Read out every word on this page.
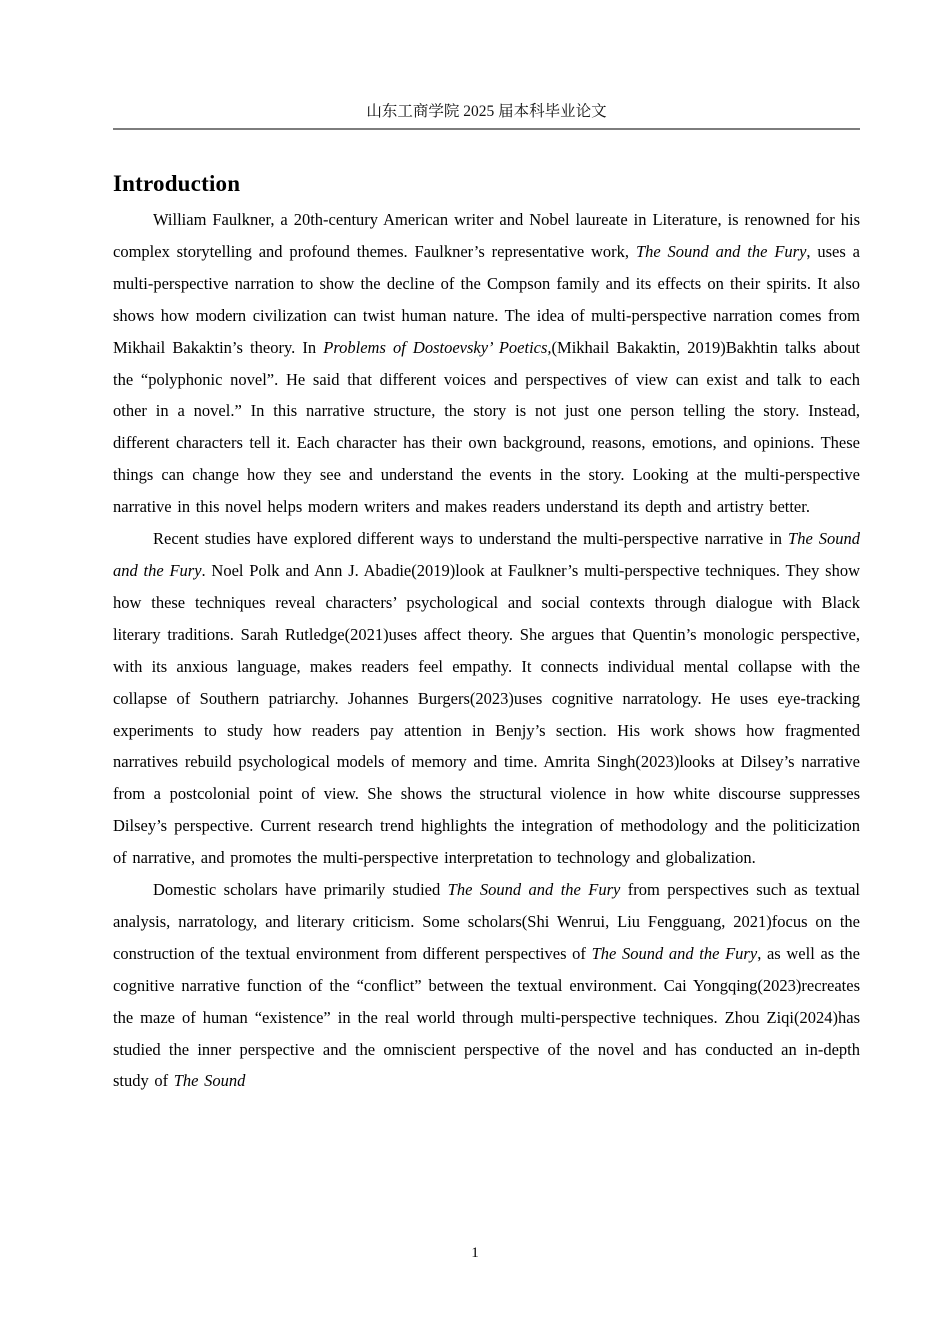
山东工商学院 2025 届本科毕业论文
Introduction

William Faulkner, a 20th-century American writer and Nobel laureate in Literature, is renowned for his complex storytelling and profound themes. Faulkner’s representative work, The Sound and the Fury, uses a multi-perspective narration to show the decline of the Compson family and its effects on their spirits. It also shows how modern civilization can twist human nature. The idea of multi-perspective narration comes from Mikhail Bakaktin’s theory. In Problems of Dostoevsky’ Poetics,(Mikhail Bakaktin, 2019)Bakhtin talks about the “polyphonic novel”. He said that different voices and perspectives of view can exist and talk to each other in a novel.” In this narrative structure, the story is not just one person telling the story. Instead, different characters tell it. Each character has their own background, reasons, emotions, and opinions. These things can change how they see and understand the events in the story. Looking at the multi-perspective narrative in this novel helps modern writers and makes readers understand its depth and artistry better.

Recent studies have explored different ways to understand the multi-perspective narrative in The Sound and the Fury. Noel Polk and Ann J. Abadie(2019)look at Faulkner’s multi-perspective techniques. They show how these techniques reveal characters’ psychological and social contexts through dialogue with Black literary traditions. Sarah Rutledge(2021)uses affect theory. She argues that Quentin’s monologic perspective, with its anxious language, makes readers feel empathy. It connects individual mental collapse with the collapse of Southern patriarchy. Johannes Burgers(2023)uses cognitive narratology. He uses eye-tracking experiments to study how readers pay attention in Benjy’s section. His work shows how fragmented narratives rebuild psychological models of memory and time. Amrita Singh(2023)looks at Dilsey’s narrative from a postcolonial point of view. She shows the structural violence in how white discourse suppresses Dilsey’s perspective. Current research trend highlights the integration of methodology and the politicization of narrative, and promotes the multi-perspective interpretation to technology and globalization.

Domestic scholars have primarily studied The Sound and the Fury from perspectives such as textual analysis, narratology, and literary criticism. Some scholars(Shi Wenrui, Liu Fengguang, 2021)focus on the construction of the textual environment from different perspectives of The Sound and the Fury, as well as the cognitive narrative function of the “conflict” between the textual environment. Cai Yongqing(2023)recreates the maze of human “existence” in the real world through multi-perspective techniques. Zhou Ziqi(2024)has studied the inner perspective and the omniscient perspective of the novel and has conducted an in-depth study of The Sound

1
